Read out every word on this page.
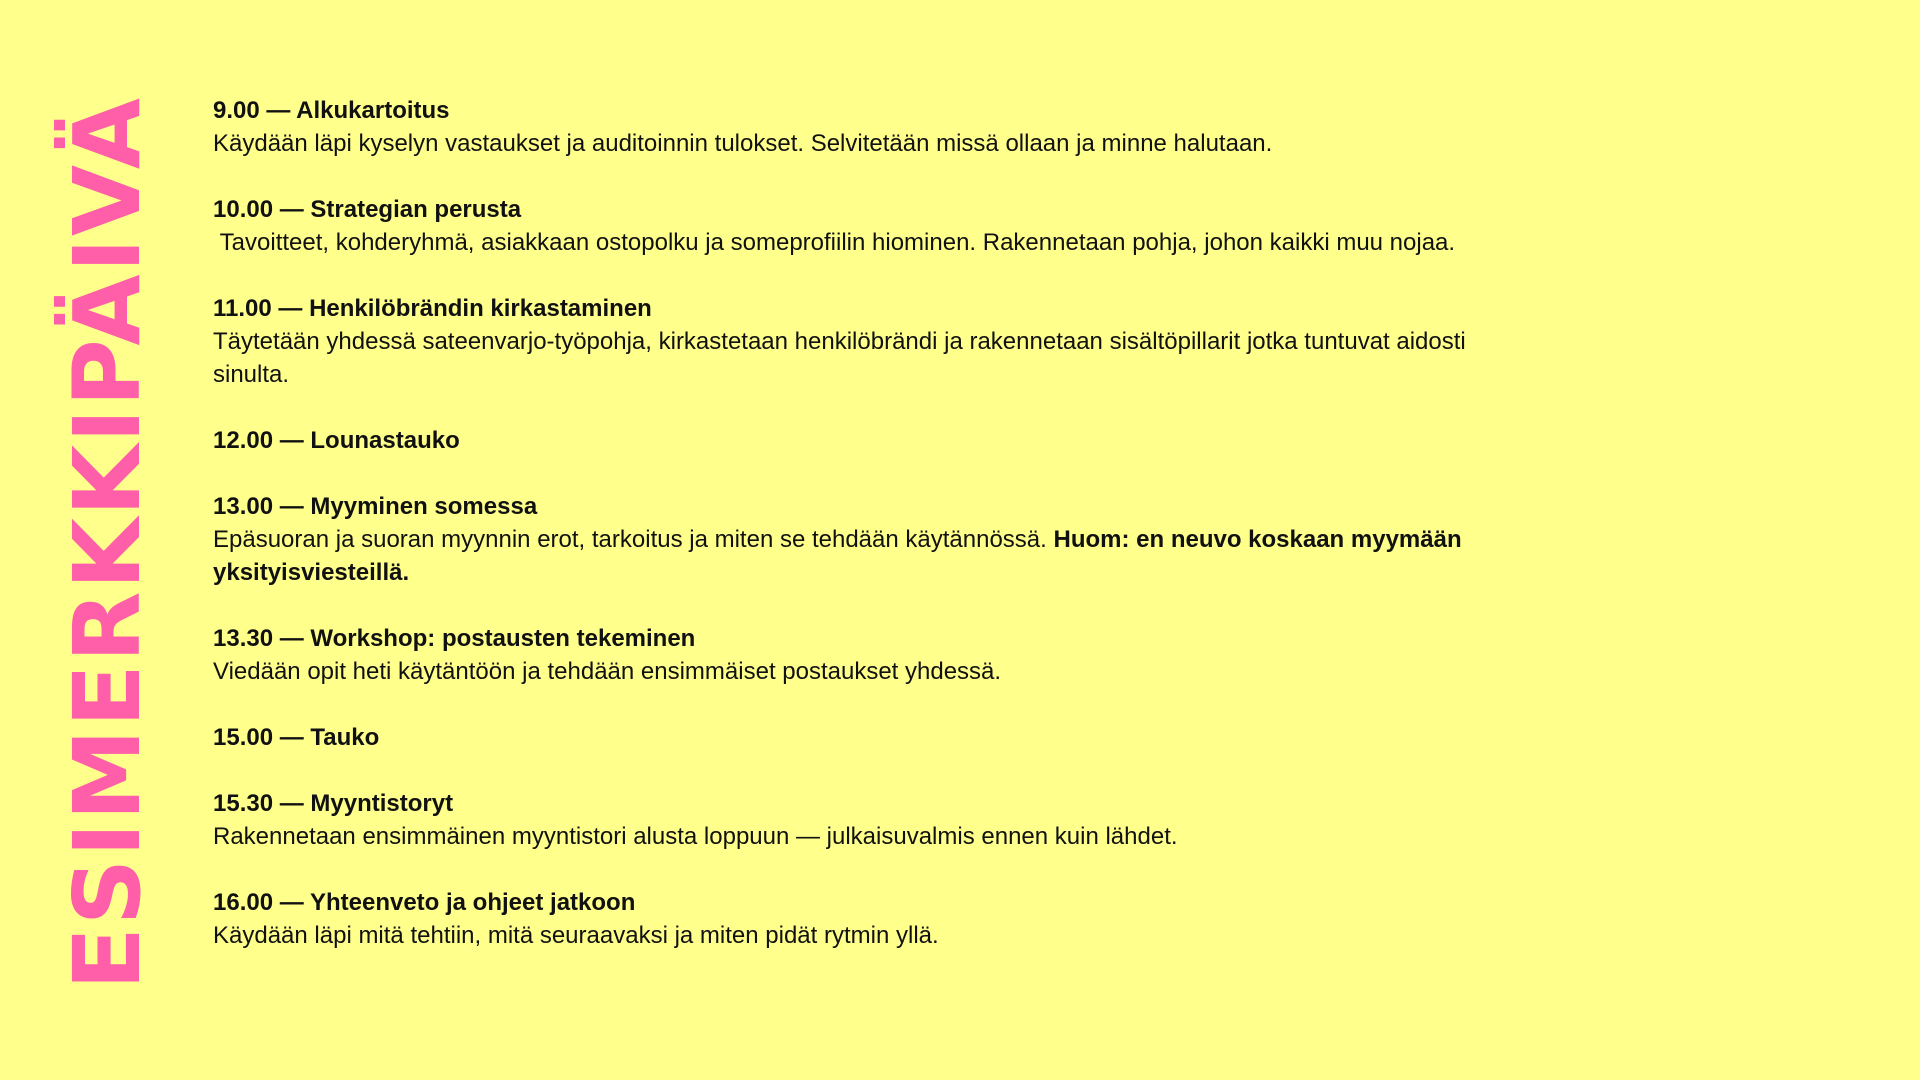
ESIMERKKIPÄIVÄ 9.00 — Alkukartoitus

Käydään läpi kyselyn vastaukset ja auditoinnin tulokset. Selvitetään missä ollaan ja minne halutaan.

10.00 — Strategian perusta

Tavoitteet, kohderyhmä, asiakkaan ostopolku ja someprofiilin hiominen. Rakennetaan pohja, johon kaikki muu nojaa.

11.00 — Henkilöbrändin kirkastaminen

Täytetään yhdessä sateenvarjo-työpohja, kirkastetaan henkilöbrändi ja rakennetaan sisältöpillarit jotka tuntuvat aidosti sinulta.

12.00 — Lounastauko

13.00 — Myyminen somessa

Epäsuoran ja suoran myynnin erot, tarkoitus ja miten se tehdään käytännössä. Huom: en neuvo koskaan myymään yksityisviesteillä.

13.30 — Workshop: postausten tekeminen

Viedään opit heti käytäntöön ja tehdään ensimmäiset postaukset yhdessä.

15.00 — Tauko

15.30 — Myyntistoryt

Rakennetaan ensimmäinen myyntistori alusta loppuun — julkaisuvalmis ennen kuin lähdet.

16.00 — Yhteenveto ja ohjeet jatkoon

Käydään läpi mitä tehtiin, mitä seuraavaksi ja miten pidät rytmin yllä.
